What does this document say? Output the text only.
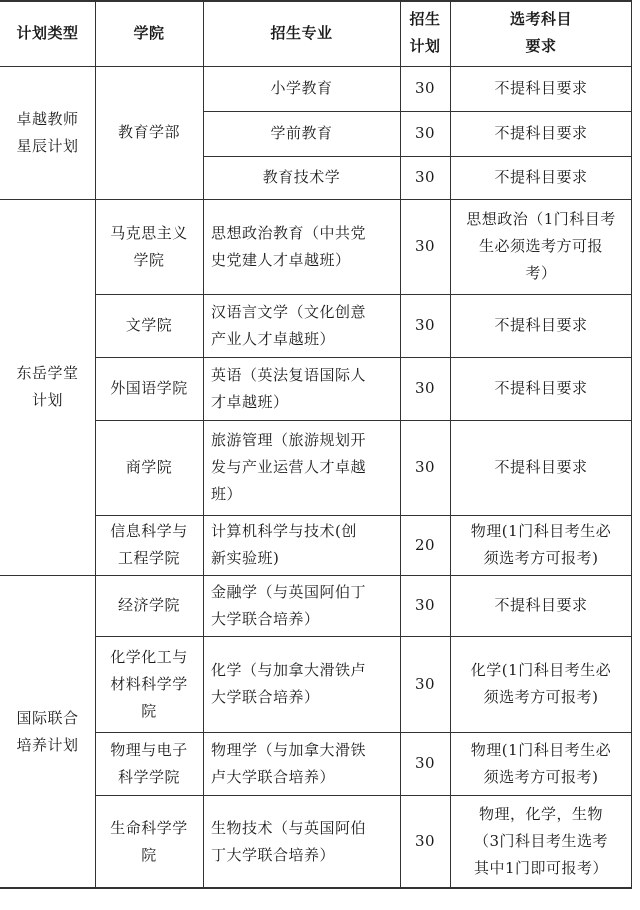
计划类型	学院	招生专业
招生
计划
选考科目
要求
卓越教师
星辰计划
东岳学堂
计划
国际联合
培养计划
教育学部
马克思主义
学院
文学院
外国语学院
商学院
信息科学与
工程学院
经济学院
化学化工与
材料科学学
院
物理与电子
科学学院
生命科学学
院
小学教育
学前教育
教育技术学
思想政治教育（中共党
史党建人才卓越班）
汉语言文学（文化创意
产业人才卓越班）
英语（英法复语国际人
才卓越班）
旅游管理（旅游规划开
发与产业运营人才卓越
班）
计算机科学与技术(创
新实验班)
金融学（与英国阿伯丁
大学联合培养）
化学（与加拿大滑铁卢
大学联合培养）
物理学（与加拿大滑铁
卢大学联合培养）
生物技术（与英国阿伯
丁大学联合培养）
30
30
30
30
30
30
30
20
30
30
30
30
不提科目要求
不提科目要求
不提科目要求
思想政治（1门科目考
生必须选考方可报
考）
不提科目要求
不提科目要求
不提科目要求
物理(1门科目考生必
须选考方可报考)
不提科目要求
化学(1门科目考生必
须选考方可报考)
物理(1门科目考生必
须选考方可报考)
物理，化学，生物
（3门科目考生选考
其中1门即可报考）
